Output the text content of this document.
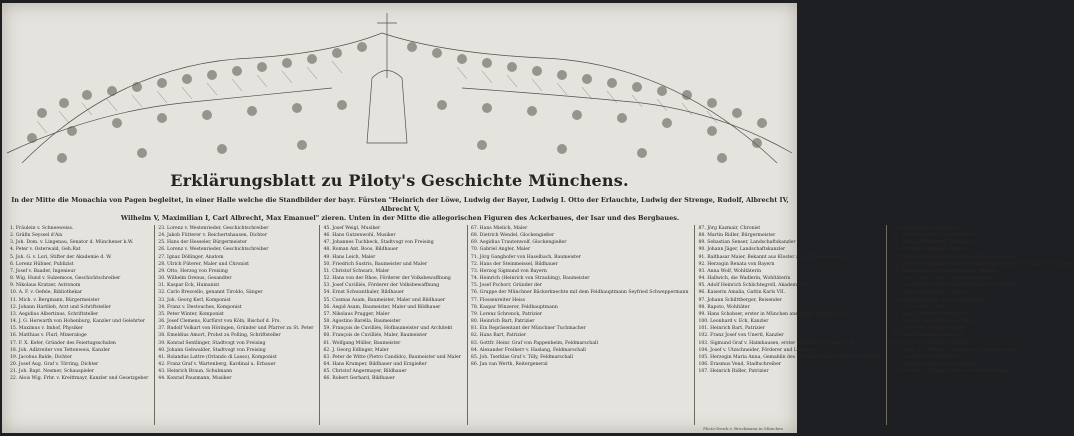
Erklärungsblatt zu Piloty's Geschichte Münchens.
In der Mitte die Monachia von Pagen begleitet, in einer Halle welche die Standbilder der bayr. Fürsten "Heinrich der Löwe, Ludwig der Bayer, Ludwig I. Otto der Erlauchte, Ludwig der Strenge, Rudolf, Albrecht IV, Albrecht V,
Wilhelm V, Maximilian I, Carl Albrecht, Max Emanuel" zieren. Unten in der Mitte die allegorischen Figuren des Ackerbaues, der Isar und des Bergbaues.
1. Fräulein v. Schneeweiss.
2. Gräfin Seyssel d'Aix
3. Joh. Dom. v. Lingenau, Senator d. Münchener k.W.
4. Peter v. Osterwald, Geh.Rat
5. Joh. G. v. Lori, Stifter der Akademie d. W.
6. Lorenz Hübner, Publizist
7. Josef v. Baader, Ingenieur
8. Wig. Hund v. Sulzemoos, Geschichtschreiber
9. Nikolaus Kratzer, Astronom
10. A. F. v. Oefele, Bibliothekar
11. Mich. v. Bergmann, Bürgermeister
12. Johann Hartlieb, Arzt und Schriftsteller
13. Aegidius Albertinus, Schriftsteller
14. J. G. Herwarth von Hohenburg, Kanzler und Gelehrter
15. Maximus v. Imhof, Physiker
16. Matthias v. Flurl, Mineraloge
17. F. X. Kefer, Gründer des Feiertagsschulen
18. Joh. Adlzreiter von Tettenweis, Kanzler
19. Jacobus Balde, Dichter
20. Josef Aug. Graf v. Törring, Dichter
21. Joh. Bapt. Nesmer, Schauspieler
22. Alois Wig. Frhr. v. Kreittmayr, Kanzler und Gesetzgeber
23. Lorenz v. Westenrieder, Geschichtschreiber
24. Jakob Fütterer v. Reichertshausen, Dichter
25. Hans der Hesseler, Bürgermeister
26. Lorenz v. Westenrieder, Geschichtschreiber
27. Ignaz Döllinger, Anatom
28. Ulrich Füterer, Maler und Chronist
29. Otto, Herzog von Freising
30. Wilhelm Orenus, Gesandter
31. Kaspar Eck, Humanist
32. Carlo Brescello, genannt Tiroldo, Sänger
33. Joh. Georg Kerl, Komponist
34. Franz v. Destouches, Komponist
35. Peter Winter, Komponist
36. Josef Clemens, Kurfürst von Köln, Bischof d. Frs.
37. Rudolf Volkart von Höringen, Gründer und Pfarrer zu St. Peter
38. Emeldius Amort, Probst zu Polling, Schriftsteller
39. Konrad Sentlinger, Stadtvogt von Freising
40. Johann Gebwalder, Stadtvogt von Freising
41. Rolandus Lattre (Orlando di Lasso), Komponist
42. Franz Graf v. Wartenberg, Kardinal u. Erbauer
43. Heinrich Braun, Schulmann
44. Konrad Pausmann, Musiker
45. Josef Weigl, Musiker
46. Hans Gutzenwohl, Musiker
47. Johannes Tuchbeck, Stadtvogt von Freising
48. Roman Ant. Boos, Bildhauer
49. Hans Leich, Maler
50. Friedrich Sustris, Baumeister und Maler
51. Christof Schwarz, Maler
52. Hans von der Rhoe, Förderer der Volksbewaffnung
53. Josef Cuvilliés, Förderer der Volksbewaffnung
54. Ernst Schwanthaler, Bildhauer
55. Cosmas Asam, Baumeister, Maler und Bildhauer
56. Aegid Asam, Baumeister, Maler und Bildhauer
57. Nikolaus Prugger, Maler
58. Agostino Barella, Baumeister
59. François de Cuvilliés, Hofbaumeister und Architekt
60. François de Cuvilliés, Maler, Baumeister
61. Wolfgang Müller, Baumeister
62. J. Georg Edlinger, Maler
63. Peter de Witte (Pietro Candido), Baumeister und Maler
64. Hans Krumper, Bildhauer und Erzgießer
65. Christof Angermayer, Bildhauer
66. Robert Gerhard, Bildhauer
67. Hans Mielich, Maler
68. Dietrich Wendel, Glockengießer
69. Aegidius Trautenwolf, Glockengießer
70. Gabriel Angler, Maler
71. Jörg Ganghofer von Haselbach, Baumeister
72. Hans der Steinmeissel, Bildhauer
73. Herzog Sigmund von Bayern
74. Heinrich (Heinrich von Straubing), Baumeister
75. Josef Pschorr, Gründer der
76. Gruppe der Münchner Bäckerknechte mit dem Feldhauptmann Seyfried Schweppermann
77. Flossenreiter Heiss
78. Kaspar Winzerer, Feldhauptmann
79. Lorenz Schrenck, Patrizier
80. Heinrich Bart, Patrizier
81. Ein Repräsentant der Münchner Tuchmacher
82. Hans Bart, Patrizier
83. Gottfr. Heinr. Graf von Pappenheim, Feldmarschall
84. Alexander Freiherr v. Haslang, Feldmarschall
85. Joh. Tserklas Graf v. Tilly, Feldmarschall
86. Jan van Werth, Reitergeneral
87. Jörg Kazmair, Chronist
88. Martin Ridler, Bürgermeister
89. Sebastian Senser, Landschaftskanzler
90. Johann Jäger, Landschaftskanzler
91. Balthasar Maier, Bekannt aus Kloster z. Landtagsschreiber
92. Herzogin Renata von Bayern
93. Anna Wolf, Wohltäterin
94. Hallwich, die Wadlerin, Wohltäterin
95. Adolf Heinrich Schlichtegroll, Akademiker
96. Kaiserin Amalia, Gattin Karls VII.
97. Johann Schilttberger, Reisender
98. Rapoto, Wohltäter
99. Hans Schobser, erster in München ansässiger Buchdrucker
100. Leonhard v. Eck, Kanzler
101. Heinrich Bart, Patrizier
102. Franz Josef von Unertl, Kanzler
103. Sigmund Graf v. Haimhausen, erster Präsident der Akad. d. W.
104. Josef v. Utzschneider, Förderer und Landwirt
105. Herzogin Maria Anna, Gemahlin des Herzogs Clemens Franz von Bayern
106. Erasmus Vend, Stadtschreiber
107. Heinrich Ridler, Patrizier
108. Gabriel Ridler, Patrizier
109. Ferdinand Bart, Bürgermeister
110. Simon Reiffenstuel, Baumeister
111. Ferdinand Lagaille, Fiktion
112. Georg Ludwig von Stoll, Generalfeldzeugmeister
113. Benjamin Thompson, Graf von Rumford, Gründer des Englischen Gartens
114. Maximilian Graf von Montgelas, Minister
115. Fried. Ludw. Sckell, Gartenbaumeister
116. Josef Martin Babo, Theaterintendant und Dichter
117. Benno Schönwerk, Patrizier
118. Jacharias Kisler, Arzt und Bildhauer
119. F. Xav. Ritter, Arzt
120. Josef Gollwitzer, Sternwarte
121. Georg v. Reichenbach, Erfinder
122. Josef v. Fraunhofer, Optiker
123. Alois Senefelder, Erfinder
124. F. Xav. Gabelsberger, Erfinder
125. Herm. Jos. Mitterer, Förderer der Steindruckerei
126. Josef Möcker, Wohltäter
127. Christof Sausdassler, Wohltäter
128. Joh. Mich. Föppel, Gründer des Waisenhauses
Photo-Druck v. Bruckmann in München
